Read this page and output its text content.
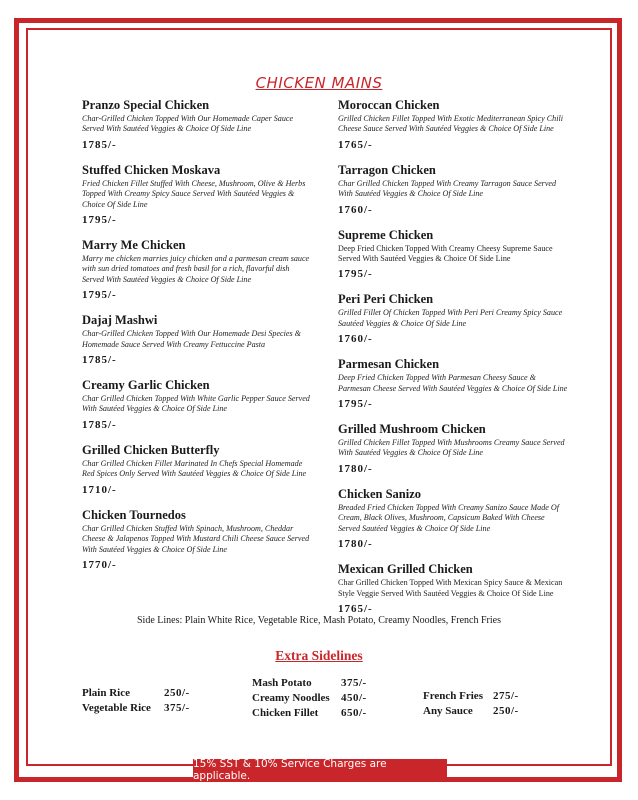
CHICKEN MAINS
Pranzo Special Chicken
Char-Grilled Chicken Topped With Our Homemade Caper Sauce Served With Sautéed Veggies & Choice Of Side Line
1785/-
Stuffed Chicken Moskava
Fried Chicken Fillet Stuffed With Cheese, Mushroom, Olive & Herbs Topped With Creamy Spicy Sauce Served With Sautéed Veggies & Choice Of Side Line
1795/-
Marry Me Chicken
Marry me chicken marries juicy chicken and a parmesan cream sauce with sun dried tomatoes and fresh basil for a rich, flavorful dish Served With Sautéed Veggies & Choice Of Side Line
1795/-
Dajaj Mashwi
Char-Grilled Chicken Topped With Our Homemade Desi Species & Homemade Sauce Served With Creamy Fettuccine Pasta
1785/-
Creamy Garlic Chicken
Char Grilled Chicken Topped With White Garlic Pepper Sauce Served With Sautéed Veggies & Choice Of Side Line
1785/-
Grilled Chicken Butterfly
Char Grilled Chicken Fillet Marinated In Chefs Special Homemade Red Spices Only Served With Sautéed Veggies & Choice Of Side Line
1710/-
Chicken Tournedos
Char Grilled Chicken Stuffed With Spinach, Mushroom, Cheddar Cheese & Jalapenos Topped With Mustard Chili Cheese Sauce Served With Sautéed Veggies & Choice Of Side Line
1770/-
Moroccan Chicken
Grilled Chicken Fillet Topped With Exotic Mediterranean Spicy Chili Cheese Sauce Served With Sautéed Veggies & Choice Of Side Line
1765/-
Tarragon Chicken
Char Grilled Chicken Topped With Creamy Tarragon Sauce Served With Sautéed Veggies & Choice Of Side Line
1760/-
Supreme Chicken
Deep Fried Chicken Topped With Creamy Cheesy Supreme Sauce Served With Sautéed Veggies & Choice Of Side Line
1795/-
Peri Peri Chicken
Grilled Fillet Of Chicken Topped With Peri Peri Creamy Spicy Sauce Sautéed Veggies & Choice Of Side Line
1760/-
Parmesan Chicken
Deep Fried Chicken Topped With Parmesan Cheesy Sauce & Parmesan Cheese Served With Sautéed Veggies & Choice Of Side Line
1795/-
Grilled Mushroom Chicken
Grilled Chicken Fillet Topped With Mushrooms Creamy Sauce Served With Sautéed Veggies & Choice Of Side Line
1780/-
Chicken Sanizo
Breaded Fried Chicken Topped With Creamy Sanizo Sauce Made Of Cream, Black Olives, Mushroom, Capsicum Baked With Cheese Served Sautéed Veggies & Choice Of Side Line
1780/-
Mexican Grilled Chicken
Char Grilled Chicken Topped With Mexican Spicy Sauce & Mexican Style Veggie Served With Sautéed Veggies & Choice Of Side Line
1765/-
Side Lines: Plain White Rice, Vegetable Rice, Mash Potato, Creamy Noodles, French Fries
Extra Sidelines
Plain Rice	250/-
Vegetable Rice	375/-
Mash Potato	375/-
Creamy Noodles	450/-
Chicken Fillet	650/-
French Fries 275/-
Any Sauce	250/-
15% SST & 10% Service Charges are applicable.
